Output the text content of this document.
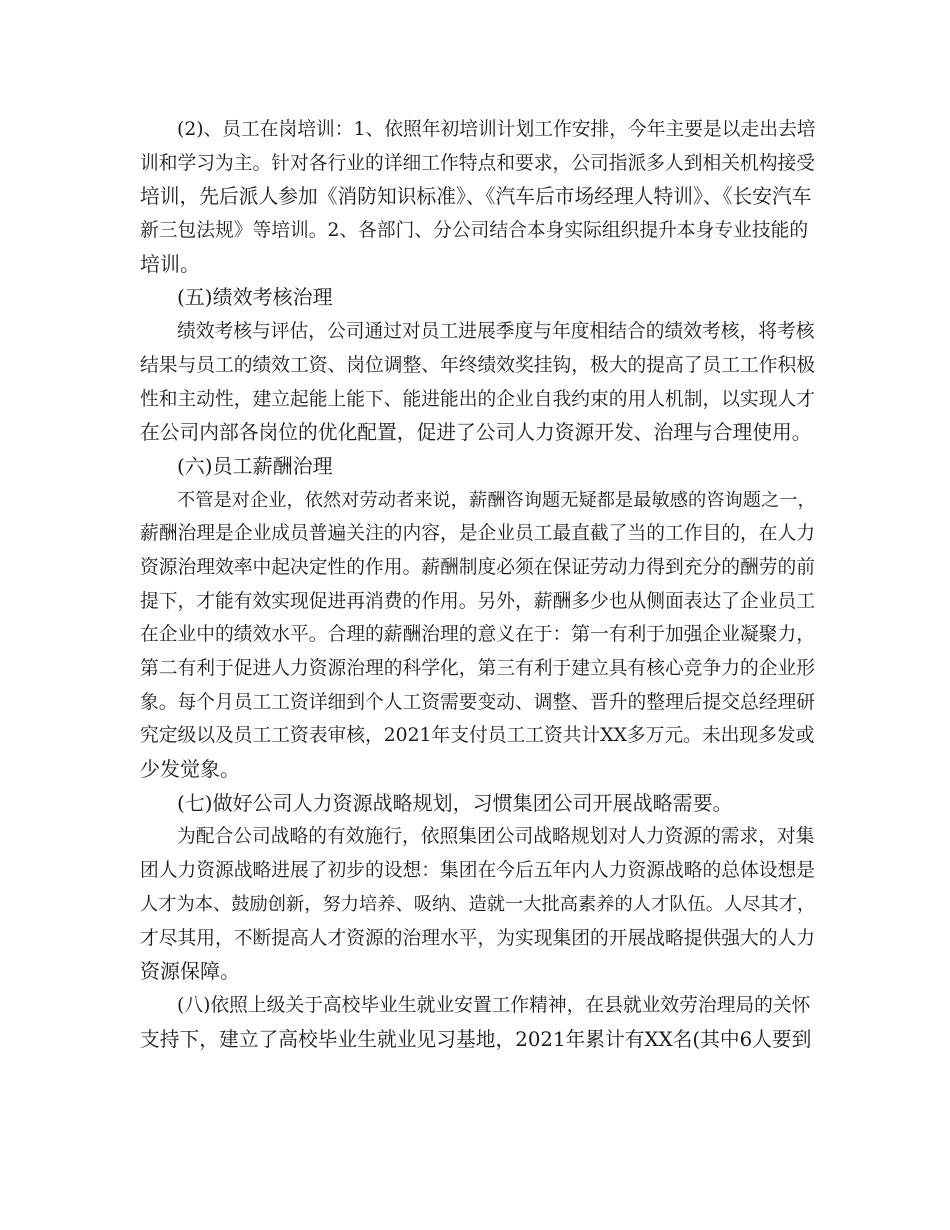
(2)、员工在岗培训：1、依照年初培训计划工作安排，今年主要是以走出去培
训和学习为主。针对各行业的详细工作特点和要求，公司指派多人到相关机构接受
培训，先后派人参加《消防知识标准》、《汽车后市场经理人特训》、《长安汽车
新三包法规》等培训。2、各部门、分公司结合本身实际组织提升本身专业技能的
培训。
(五)绩效考核治理
绩效考核与评估，公司通过对员工进展季度与年度相结合的绩效考核，将考核
结果与员工的绩效工资、岗位调整、年终绩效奖挂钩，极大的提高了员工工作积极
性和主动性，建立起能上能下、能进能出的企业自我约束的用人机制，以实现人才
在公司内部各岗位的优化配置，促进了公司人力资源开发、治理与合理使用。
(六)员工薪酬治理
不管是对企业，依然对劳动者来说，薪酬咨询题无疑都是最敏感的咨询题之一，
薪酬治理是企业成员普遍关注的内容，是企业员工最直截了当的工作目的，在人力
资源治理效率中起决定性的作用。薪酬制度必须在保证劳动力得到充分的酬劳的前
提下，才能有效实现促进再消费的作用。另外，薪酬多少也从侧面表达了企业员工
在企业中的绩效水平。合理的薪酬治理的意义在于：第一有利于加强企业凝聚力，
第二有利于促进人力资源治理的科学化，第三有利于建立具有核心竞争力的企业形
象。每个月员工工资详细到个人工资需要变动、调整、晋升的整理后提交总经理研
究定级以及员工工资表审核，2021年支付员工工资共计XX多万元。未出现多发或
少发觉象。
(七)做好公司人力资源战略规划，习惯集团公司开展战略需要。
为配合公司战略的有效施行，依照集团公司战略规划对人力资源的需求，对集
团人力资源战略进展了初步的设想：集团在今后五年内人力资源战略的总体设想是
人才为本、鼓励创新，努力培养、吸纳、造就一大批高素养的人才队伍。人尽其才，
才尽其用，不断提高人才资源的治理水平，为实现集团的开展战略提供强大的人力
资源保障。
(八)依照上级关于高校毕业生就业安置工作精神，在县就业效劳治理局的关怀
支持下，建立了高校毕业生就业见习基地，2021年累计有XX名(其中6人要到
